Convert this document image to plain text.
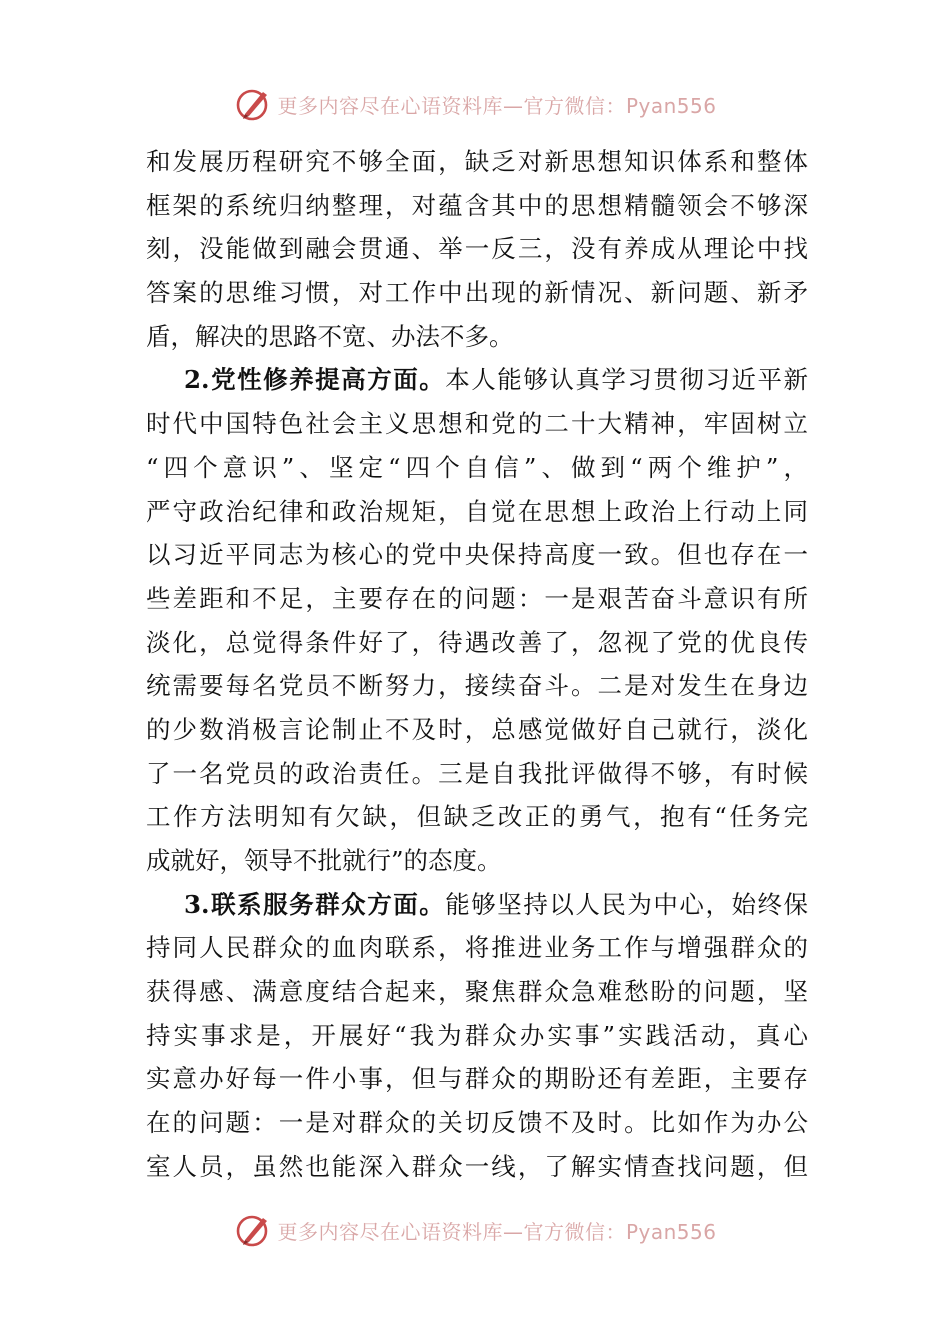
更多内容尽在心语资料库—官方微信：Pyan556
和发展历程研究不够全面，缺乏对新思想知识体系和整体
框架的系统归纳整理，对蕴含其中的思想精髓领会不够深
刻，没能做到融会贯通、举一反三，没有养成从理论中找
答案的思维习惯，对工作中出现的新情况、新问题、新矛
盾，解决的思路不宽、办法不多。
2.党性修养提高方面。本人能够认真学习贯彻习近平新
时代中国特色社会主义思想和党的二十大精神，牢固树立
“四个意识”、坚定“四个自信”、做到“两个维护”，
严守政治纪律和政治规矩，自觉在思想上政治上行动上同
以习近平同志为核心的党中央保持高度一致。但也存在一
些差距和不足，主要存在的问题：一是艰苦奋斗意识有所
淡化，总觉得条件好了，待遇改善了，忽视了党的优良传
统需要每名党员不断努力，接续奋斗。二是对发生在身边
的少数消极言论制止不及时，总感觉做好自己就行，淡化
了一名党员的政治责任。三是自我批评做得不够，有时候
工作方法明知有欠缺，但缺乏改正的勇气，抱有“任务完
成就好，领导不批就行”的态度。
3.联系服务群众方面。能够坚持以人民为中心，始终保
持同人民群众的血肉联系，将推进业务工作与增强群众的
获得感、满意度结合起来，聚焦群众急难愁盼的问题，坚
持实事求是，开展好“我为群众办实事”实践活动，真心
实意办好每一件小事，但与群众的期盼还有差距，主要存
在的问题：一是对群众的关切反馈不及时。比如作为办公
室人员，虽然也能深入群众一线，了解实情查找问题，但
更多内容尽在心语资料库—官方微信：Pyan556
